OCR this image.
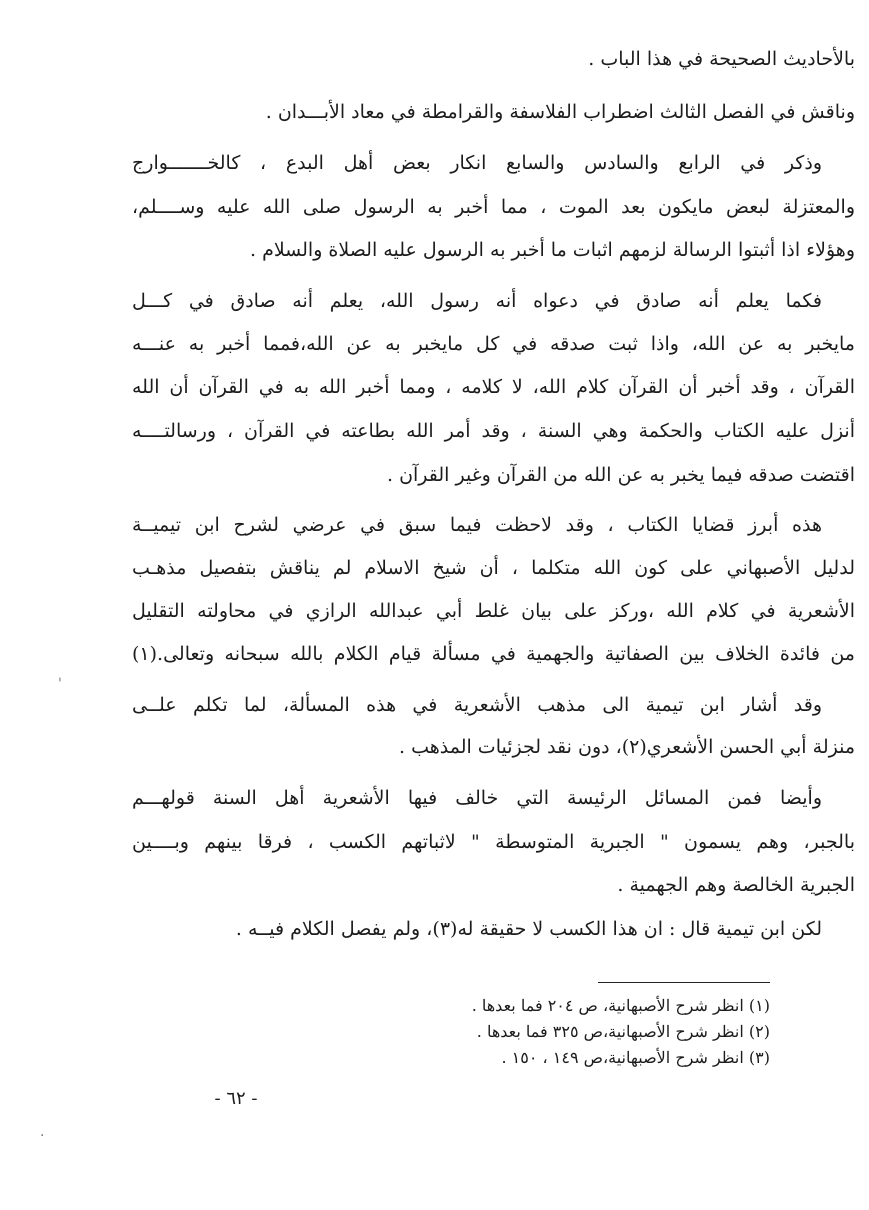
بالأحاديث الصحيحة في هذا الباب .
وناقش في الفصل الثالث اضطراب الفلاسفة والقرامطة في معاد الأبـــدان .
وذكر في الرابع والسادس والسابع انكار بعض أهل البدع ، كالخـــــــوارج
والمعتزلة لبعض مايكون بعد الموت ، مما أخبر به الرسول صلى الله عليه وســــلم،
وهؤلاء اذا أثبتوا الرسالة لزمهم اثبات ما أخبر به الرسول عليه الصلاة والسلام .
فكما يعلم أنه صادق في دعواه أنه رسول الله، يعلم أنه صادق في كـــل
مايخبر به عن الله، واذا ثبت صدقه في كل مايخبر به عن الله،فمما أخبر به عنـــه
القرآن ، وقد أخبر أن القرآن كلام الله، لا كلامه ، ومما أخبر الله به في القرآن أن الله
أنزل عليه الكتاب والحكمة وهي السنة ، وقد أمر الله بطاعته في القرآن ، ورسالتــــه
اقتضت صدقه فيما يخبر به عن الله من القرآن وغير القرآن .
هذه أبرز قضايا الكتاب ، وقد لاحظت فيما سبق في عرضي لشرح ابن تيميــة
لدليل الأصبهاني على كون الله متكلما ، أن شيخ الاسلام لم يناقش بتفصيل مذهـب
الأشعرية في كلام الله ،وركز على بيان غلط أبي عبدالله الرازي في محاولته التقليل
من فائدة الخلاف بين الصفاتية والجهمية في مسألة قيام الكلام بالله سبحانه وتعالى.(١)
وقد أشار ابن تيمية الى مذهب الأشعرية في هذه المسألة، لما تكلم علــى
منزلة أبي الحسن الأشعري(٢)، دون نقد لجزئيات المذهب .
وأيضا فمن المسائل الرئيسة التي خالف فيها الأشعرية أهل السنة قولهـــم
بالجبر، وهم يسمون " الجبرية المتوسطة " لاثباتهم الكسب ، فرقا بينهم وبــــين
الجبرية الخالصة وهم الجهمية .
لكن ابن تيمية قال : ان هذا الكسب لا حقيقة له(٣)، ولم يفصل الكلام فيــه .
(١) انظر شرح الأصبهانية، ص ٢٠٤ فما بعدها .
(٢) انظر شرح الأصبهانية،ص ٣٢٥ فما بعدها .
(٣) انظر شرح الأصبهانية،ص ١٤٩ ، ١٥٠ .
- ٦٢ -
'
·
